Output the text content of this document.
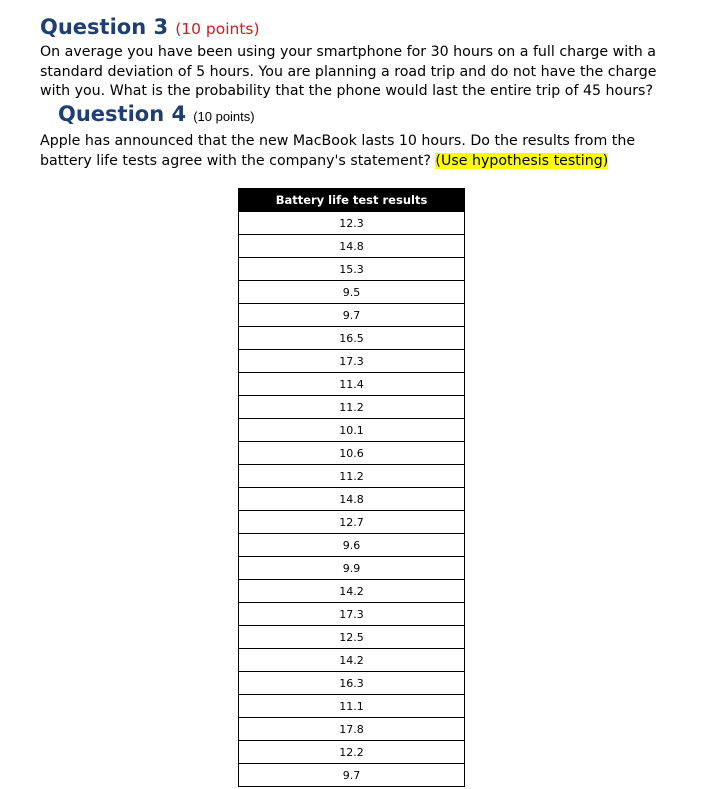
Question 3 (10 points)

On average you have been using your smartphone for 30 hours on a full charge with a standard deviation of 5 hours. You are planning a road trip and do not have the charge with you. What is the probability that the phone would last the entire trip of 45 hours?

Question 4 (10 points)

Apple has announced that the new MacBook lasts 10 hours. Do the results from the battery life tests agree with the company's statement? (Use hypothesis testing)

Battery life test results
12.3
14.8
15.3
9.5
9.7
16.5
17.3
11.4
11.2
10.1
10.6
11.2
14.8
12.7
9.6
9.9
14.2
17.3
12.5
14.2
16.3
11.1
17.8
12.2
9.7
